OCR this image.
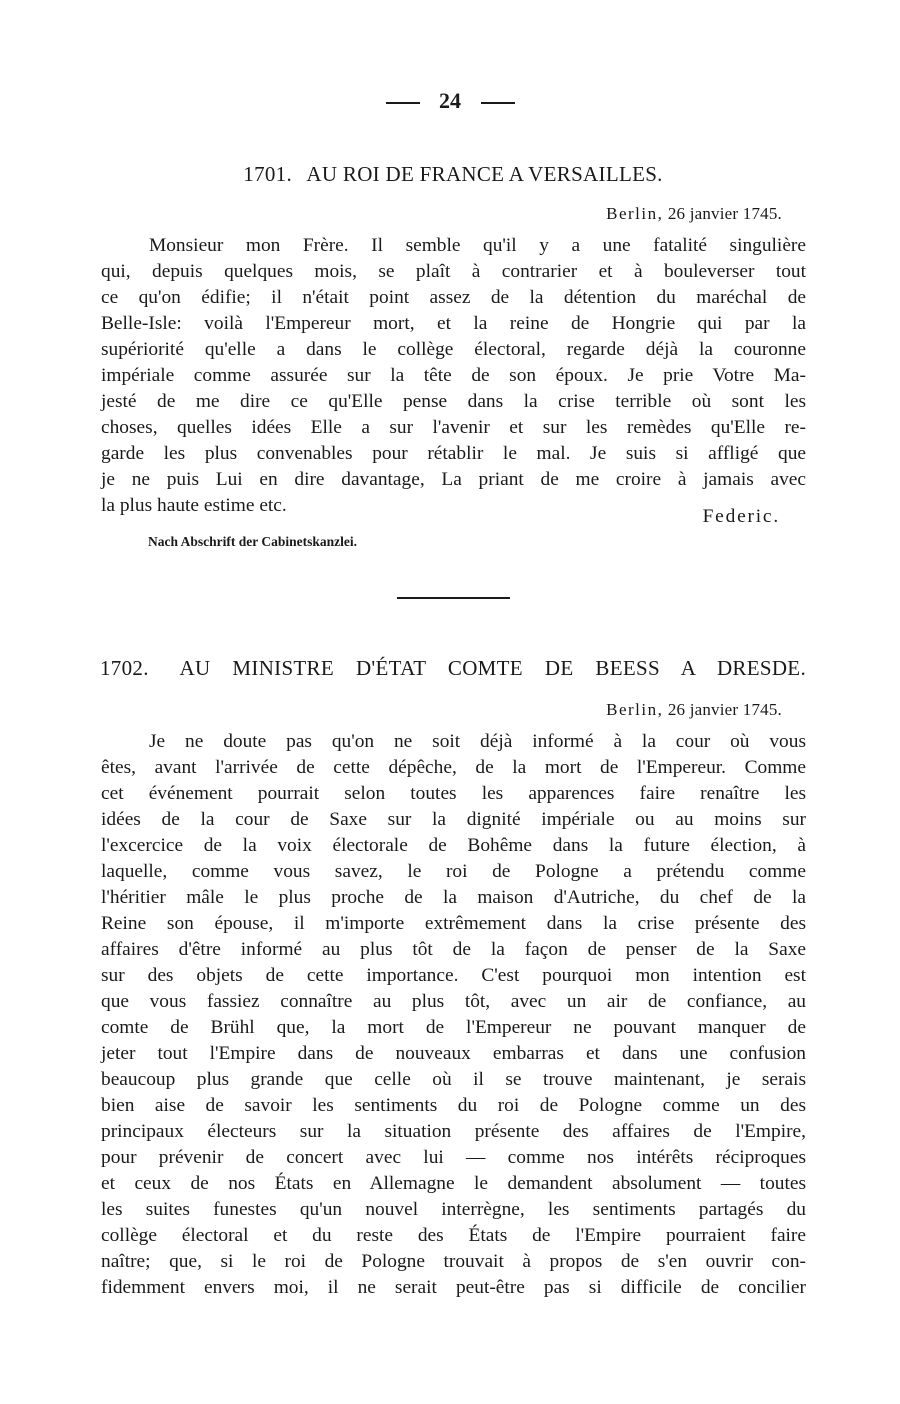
24
1701. AU ROI DE FRANCE A VERSAILLES.
Berlin, 26 janvier 1745.
Monsieur mon Frère. Il semble qu'il y a une fatalité singulière
qui, depuis quelques mois, se plaît à contrarier et à bouleverser tout
ce qu'on édifie; il n'était point assez de la détention du maréchal de
Belle-Isle: voilà l'Empereur mort, et la reine de Hongrie qui par la
supériorité qu'elle a dans le collège électoral, regarde déjà la couronne
impériale comme assurée sur la tête de son époux. Je prie Votre Ma-
jesté de me dire ce qu'Elle pense dans la crise terrible où sont les
choses, quelles idées Elle a sur l'avenir et sur les remèdes qu'Elle re-
garde les plus convenables pour rétablir le mal. Je suis si affligé que
je ne puis Lui en dire davantage, La priant de me croire à jamais avec
la plus haute estime etc.
Federic.
Nach Abschrift der Cabinetskanzlei.
1702. AU MINISTRE D'ÉTAT COMTE DE BEESS A DRESDE.
Berlin, 26 janvier 1745.
Je ne doute pas qu'on ne soit déjà informé à la cour où vous
êtes, avant l'arrivée de cette dépêche, de la mort de l'Empereur. Comme
cet événement pourrait selon toutes les apparences faire renaître les
idées de la cour de Saxe sur la dignité impériale ou au moins sur
l'excercice de la voix électorale de Bohême dans la future élection, à
laquelle, comme vous savez, le roi de Pologne a prétendu comme
l'héritier mâle le plus proche de la maison d'Autriche, du chef de la
Reine son épouse, il m'importe extrêmement dans la crise présente des
affaires d'être informé au plus tôt de la façon de penser de la Saxe
sur des objets de cette importance. C'est pourquoi mon intention est
que vous fassiez connaître au plus tôt, avec un air de confiance, au
comte de Brühl que, la mort de l'Empereur ne pouvant manquer de
jeter tout l'Empire dans de nouveaux embarras et dans une confusion
beaucoup plus grande que celle où il se trouve maintenant, je serais
bien aise de savoir les sentiments du roi de Pologne comme un des
principaux électeurs sur la situation présente des affaires de l'Empire,
pour prévenir de concert avec lui — comme nos intérêts réciproques
et ceux de nos États en Allemagne le demandent absolument — toutes
les suites funestes qu'un nouvel interrègne, les sentiments partagés du
collège électoral et du reste des États de l'Empire pourraient faire
naître; que, si le roi de Pologne trouvait à propos de s'en ouvrir con-
fidemment envers moi, il ne serait peut-être pas si difficile de concilier
